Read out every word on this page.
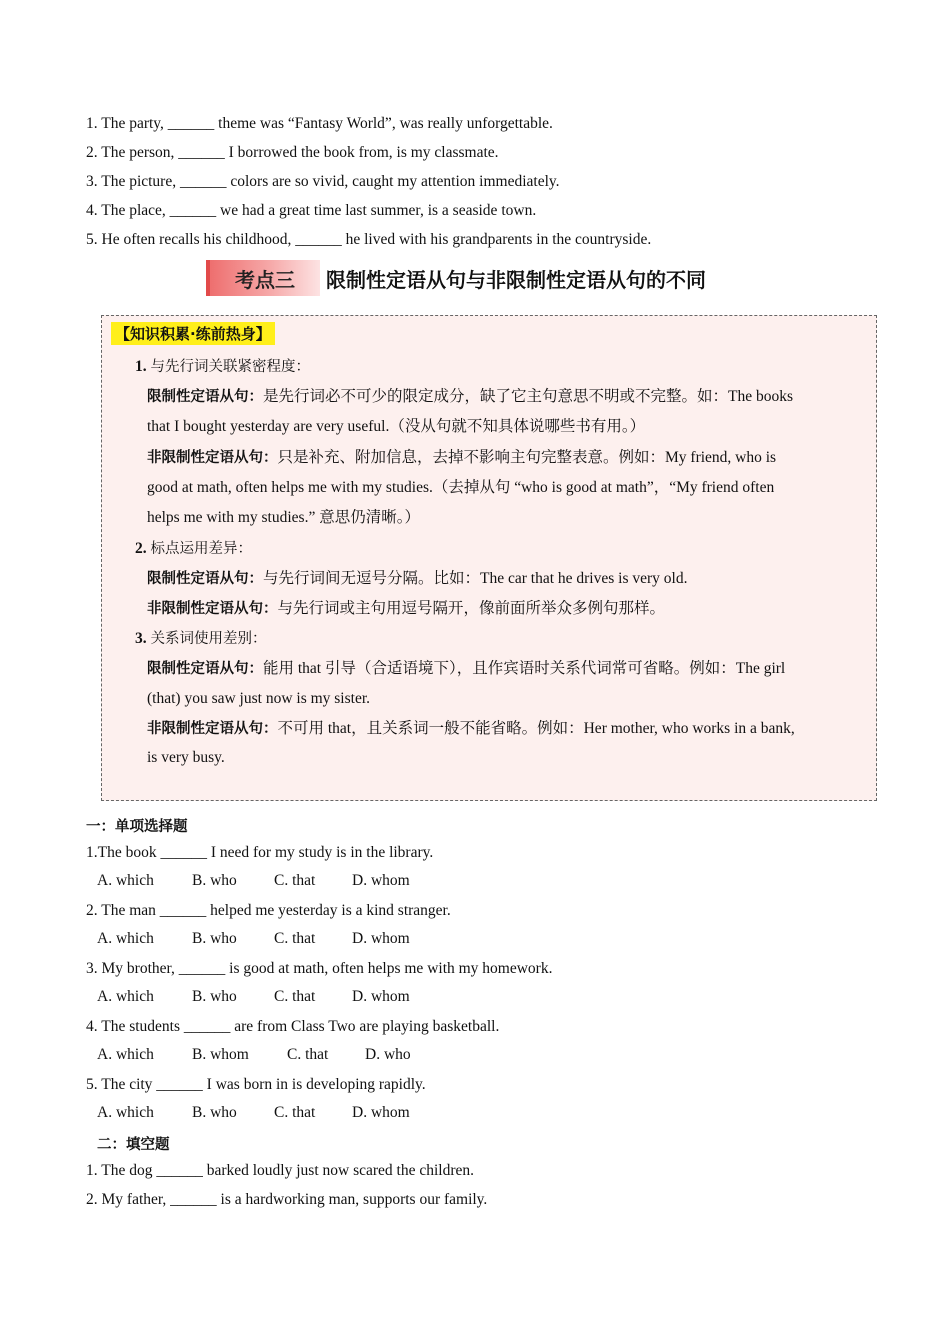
1. The party, ______ theme was “Fantasy World”, was really unforgettable.
2. The person, ______ I borrowed the book from, is my classmate.
3. The picture, ______ colors are so vivid, caught my attention immediately.
4. The place, ______ we had a great time last summer, is a seaside town.
5. He often recalls his childhood, ______ he lived with his grandparents in the countryside.
考点三	限制性定语从句与非限制性定语从句的不同
【知识积累·练前热身】
1. 与先行词关联紧密程度：
限制性定语从句：是先行词必不可少的限定成分，缺了它主句意思不明或不完整。如：The books
that I bought yesterday are very useful.（没从句就不知具体说哪些书有用。）
非限制性定语从句：只是补充、附加信息，去掉不影响主句完整表意。例如：My friend, who is
good at math, often helps me with my studies.（去掉从句 “who is good at math”，“My friend often
helps me with my studies.” 意思仍清晰。）
2. 标点运用差异：
限制性定语从句：与先行词间无逗号分隔。比如：The car that he drives is very old.
非限制性定语从句：与先行词或主句用逗号隔开，像前面所举众多例句那样。
3. 关系词使用差别：
限制性定语从句：能用 that 引导（合适语境下），且作宾语时关系代词常可省略。例如：The girl
(that) you saw just now is my sister.
非限制性定语从句：不可用 that，且关系词一般不能省略。例如：Her mother, who works in a bank,
is very busy.
一：单项选择题
1.The book ______ I need for my study is in the library.
A. which	B. who	C. that	D. whom
2. The man ______ helped me yesterday is a kind stranger.
A. which	B. who	C. that	D. whom
3. My brother, ______ is good at math, often helps me with my homework.
A. which	B. who	C. that	D. whom
4. The students ______ are from Class Two are playing basketball.
A. which	B. whom	C. that	D. who
5. The city ______ I was born in is developing rapidly.
A. which	B. who	C. that	D. whom
二：填空题
1. The dog ______ barked loudly just now scared the children.
2. My father, ______ is a hardworking man, supports our family.
